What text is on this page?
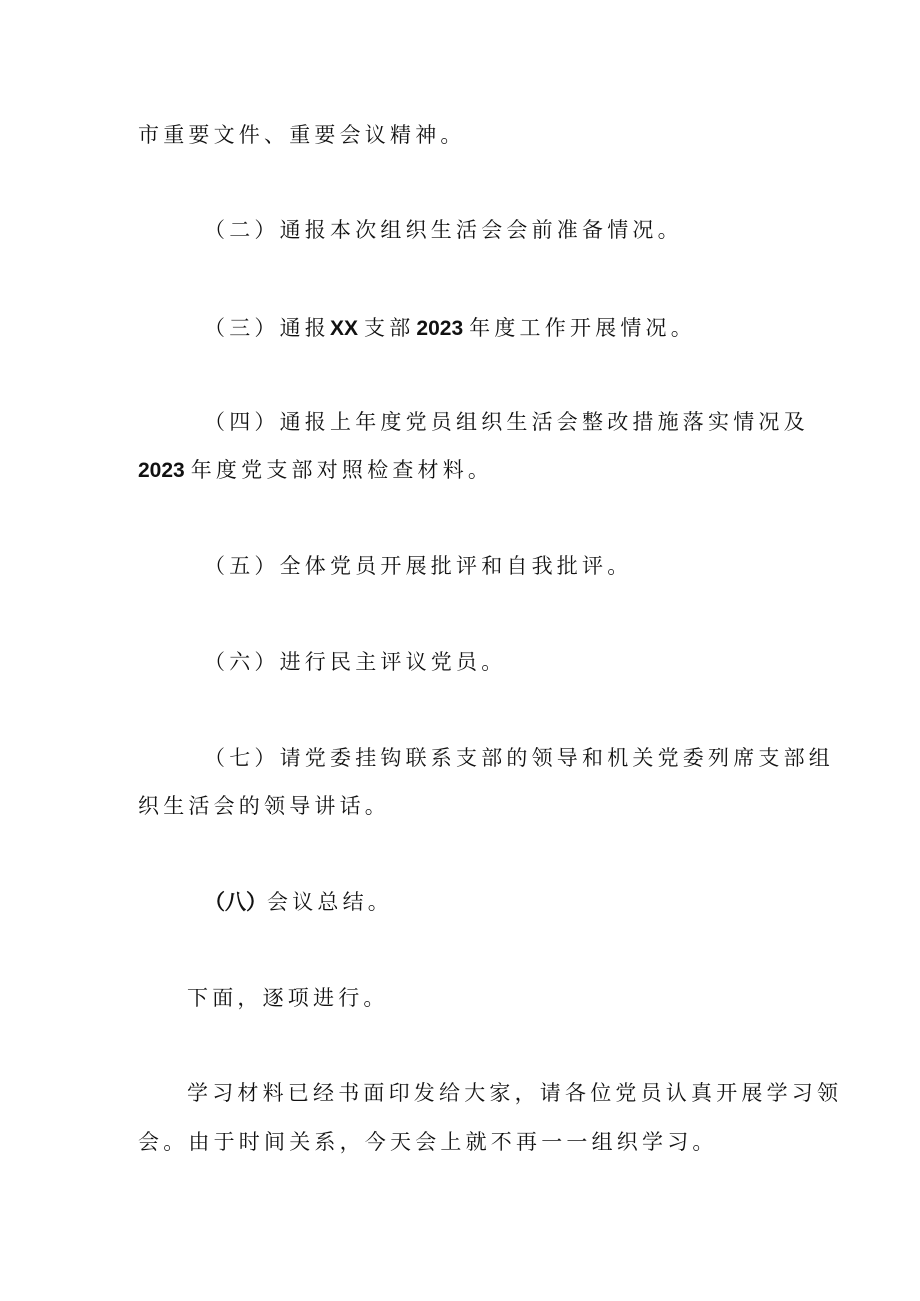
市重要文件、重要会议精神。
（二）通报本次组织生活会会前准备情况。
（三）通报XX 支部2023 年度工作开展情况。
（四）通报上年度党员组织生活会整改措施落实情况及
2023 年度党支部对照检查材料。
（五）全体党员开展批评和自我批评。
（六）进行民主评议党员。
（七）请党委挂钩联系支部的领导和机关党委列席支部组
织生活会的领导讲话。
（八）会议总结。
下面，逐项进行。
学习材料已经书面印发给大家，请各位党员认真开展学习领
会。由于时间关系，今天会上就不再一一组织学习。
